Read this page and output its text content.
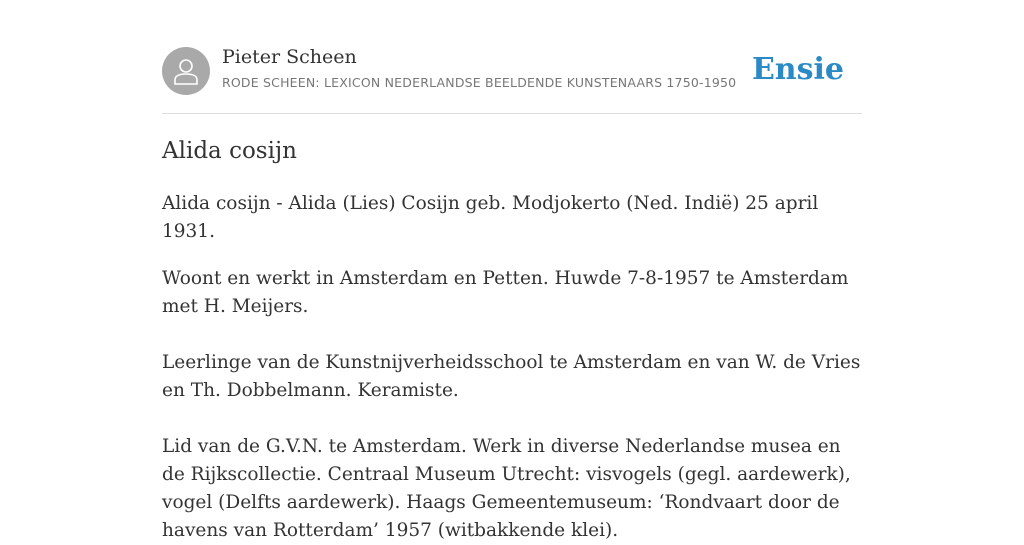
Pieter Scheen
RODE SCHEEN: LEXICON NEDERLANDSE BEELDENDE KUNSTENAARS 1750-1950 Ensie
Alida cosijn

Alida cosijn - Alida (Lies) Cosijn geb. Modjokerto (Ned. Indië) 25 april 1931.

Woont en werkt in Amsterdam en Petten. Huwde 7-8-1957 te Amsterdam met H. Meijers.

Leerlinge van de Kunstnijverheidsschool te Amsterdam en van W. de Vries en Th. Dobbelmann. Keramiste.

Lid van de G.V.N. te Amsterdam. Werk in diverse Nederlandse musea en de Rijkscollectie. Centraal Museum Utrecht: visvogels (gegl. aardewerk), vogel (Delfts aardewerk). Haags Gemeentemuseum: ‘Rondvaart door de havens van Rotterdam’ 1957 (witbakkende klei).
